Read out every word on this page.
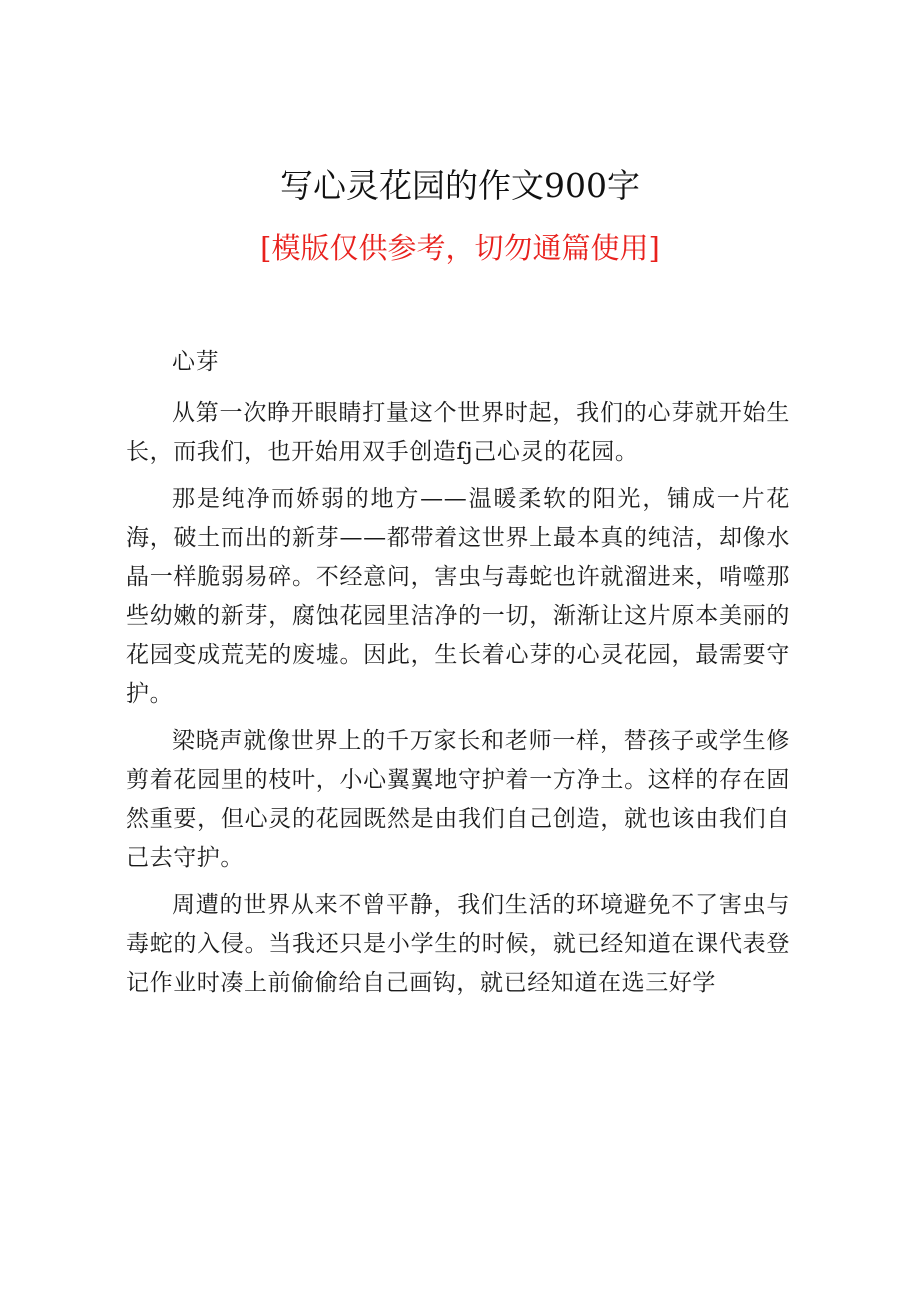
写心灵花园的作文900字
[模版仅供参考，切勿通篇使用]

心芽

从第一次睁开眼睛打量这个世界时起，我们的心芽就开始生长，而我们，也开始用双手创造fj己心灵的花园。

那是纯净而娇弱的地方——温暖柔软的阳光，铺成一片花海，破土而出的新芽——都带着这世界上最本真的纯洁，却像水晶一样脆弱易碎。不经意问，害虫与毒蛇也许就溜进来，啃噬那些幼嫩的新芽，腐蚀花园里洁净的一切，渐渐让这片原本美丽的花园变成荒芜的废墟。因此，生长着心芽的心灵花园，最需要守护。

梁晓声就像世界上的千万家长和老师一样，替孩子或学生修剪着花园里的枝叶，小心翼翼地守护着一方净土。这样的存在固然重要，但心灵的花园既然是由我们自己创造，就也该由我们自己去守护。

周遭的世界从来不曾平静，我们生活的环境避免不了害虫与毒蛇的入侵。当我还只是小学生的时候，就已经知道在课代表登记作业时凑上前偷偷给自己画钩，就已经知道在选三好学
